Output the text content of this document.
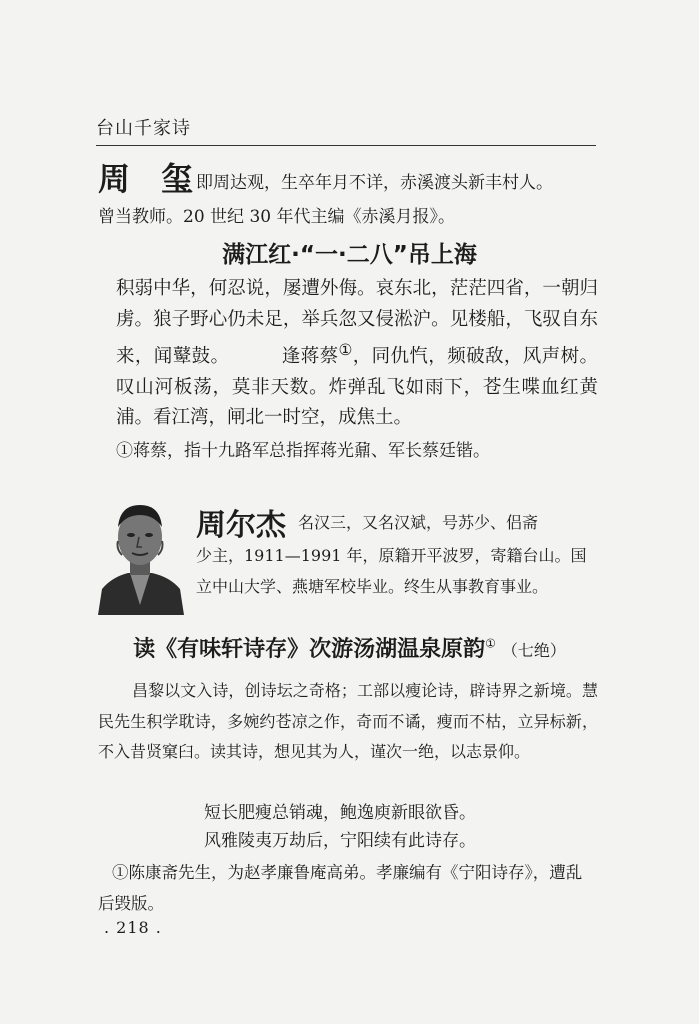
台山千家诗
周 玺
即周达观，生卒年月不详，赤溪渡头新丰村人。
曾当教师。20 世纪 30 年代主编《赤溪月报》。
满江红·“一·二八”吊上海
积弱中华，何忍说，屡遭外侮。哀东北，茫茫四省，一朝归虏。狼子野心仍未足，举兵忽又侵淞沪。见楼船，飞驭自东来，闻鼙鼓。	逢蒋蔡①，同仇忾，频破敌，风声树。叹山河板荡，莫非天数。炸弹乱飞如雨下，苍生喋血红黄浦。看江湾，闸北一时空，成焦土。
①蒋蔡，指十九路军总指挥蒋光鼐、军长蔡廷锴。
周尔杰 名汉三，又名汉斌，号苏少、侣斋
少主，1911—1991 年，原籍开平波罗，寄籍台山。国立中山大学、燕塘军校毕业。终生从事教育事业。
读《有味轩诗存》次游汤湖温泉原韵① （七绝）
昌黎以文入诗，创诗坛之奇格；工部以瘦论诗，辟诗界之新境。慧民先生积学耽诗，多婉约苍凉之作，奇而不谲，瘦而不枯，立异标新，不入昔贤窠臼。读其诗，想见其为人，谨次一绝，以志景仰。
短长肥瘦总销魂，鲍逸庾新眼欲昏。
风雅陵夷万劫后，宁阳续有此诗存。
①陈康斋先生，为赵孝廉鲁庵高弟。孝廉编有《宁阳诗存》，遭乱后毁版。
. 218 .
